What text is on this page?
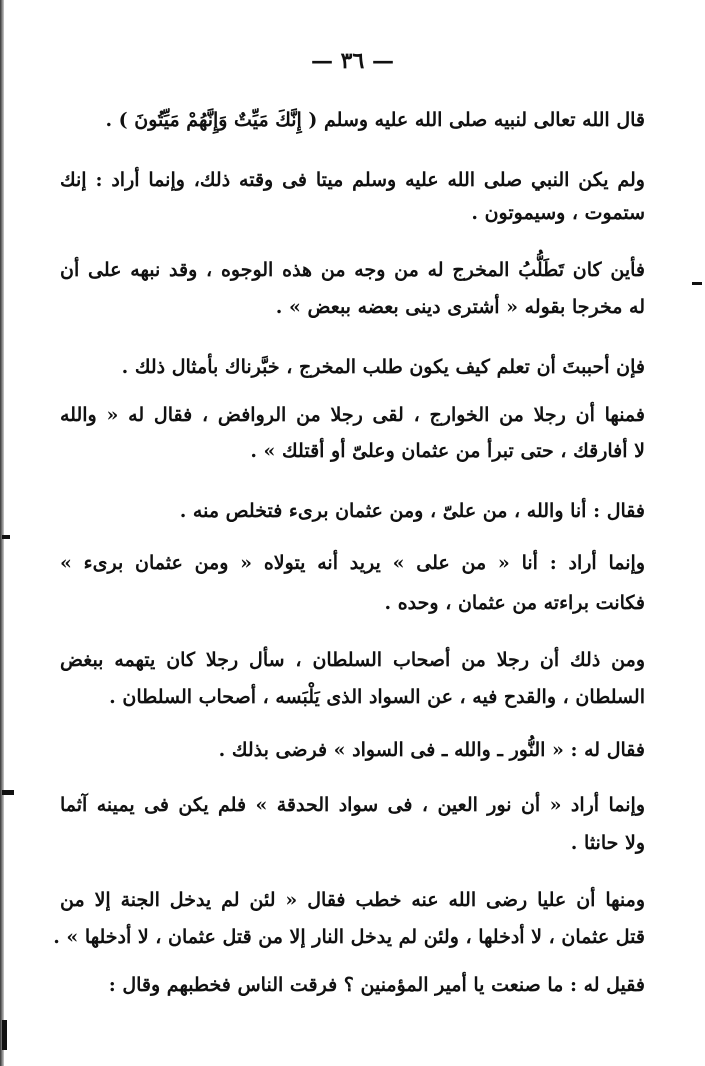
— ٣٦ —
قال الله تعالى لنبيه صلى الله عليه وسلم ( إِنَّكَ مَيِّتٌ وَإِنَّهُمْ مَيِّتُونَ ) .
ولم يكن النبي صلى الله عليه وسلم ميتا فى وقته ذلك، وإنما أراد : إنك
ستموت ، وسيموتون .
فأين كان تَطَلُّبُ المخرج له من وجه من هذه الوجوه ، وقد نبهه على أن
له مخرجا بقوله « أشترى دينى بعضه ببعض » .
فإن أحببتَ أن تعلم كيف يكون طلب المخرج ، خبَّرناك بأمثال ذلك .
فمنها أن رجلا من الخوارج ، لقى رجلا من الروافض ، فقال له « والله
لا أفارقك ، حتى تبرأ من عثمان وعلىّ أو أقتلك » .
فقال : أنا والله ، من علىّ ، ومن عثمان برىء فتخلص منه .
وإنما أراد : أنا « من على » يريد أنه يتولاه « ومن عثمان برىء »
فكانت براءته من عثمان ، وحده .
ومن ذلك أن رجلا من أصحاب السلطان ، سأل رجلا كان يتهمه ببغض
السلطان ، والقدح فيه ، عن السواد الذى يَلْبَسه ، أصحاب السلطان .
فقال له : « النُّور ـ والله ـ فى السواد » فرضى بذلك .
وإنما أراد « أن نور العين ، فى سواد الحدقة » فلم يكن فى يمينه آثما
ولا حانثا .
ومنها أن عليا رضى الله عنه خطب فقال « لئن لم يدخل الجنة إلا من
قتل عثمان ، لا أدخلها ، ولئن لم يدخل النار إلا من قتل عثمان ، لا أدخلها » .
فقيل له : ما صنعت يا أمير المؤمنين ؟ فرقت الناس فخطبهم وقال :
